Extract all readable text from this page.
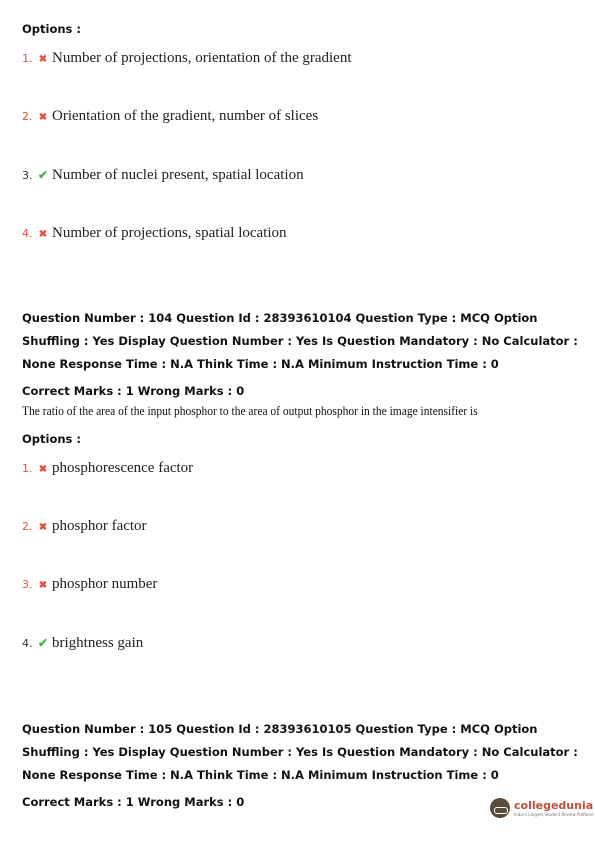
Options :
1. ✖ Number of projections, orientation of the gradient
2. ✖ Orientation of the gradient, number of slices
3. ✔ Number of nuclei present, spatial location
4. ✖ Number of projections, spatial location
Question Number : 104 Question Id : 28393610104 Question Type : MCQ Option Shuffling : Yes Display Question Number : Yes Is Question Mandatory : No Calculator : None Response Time : N.A Think Time : N.A Minimum Instruction Time : 0
Correct Marks : 1 Wrong Marks : 0
The ratio of the area of the input phosphor to the area of output phosphor in the image intensifier is
Options :
1. ✖ phosphorescence factor
2. ✖ phosphor factor
3. ✖ phosphor number
4. ✔ brightness gain
Question Number : 105 Question Id : 28393610105 Question Type : MCQ Option Shuffling : Yes Display Question Number : Yes Is Question Mandatory : No Calculator : None Response Time : N.A Think Time : N.A Minimum Instruction Time : 0
Correct Marks : 1 Wrong Marks : 0	collegedunia
India's Largest Student Review Platform
